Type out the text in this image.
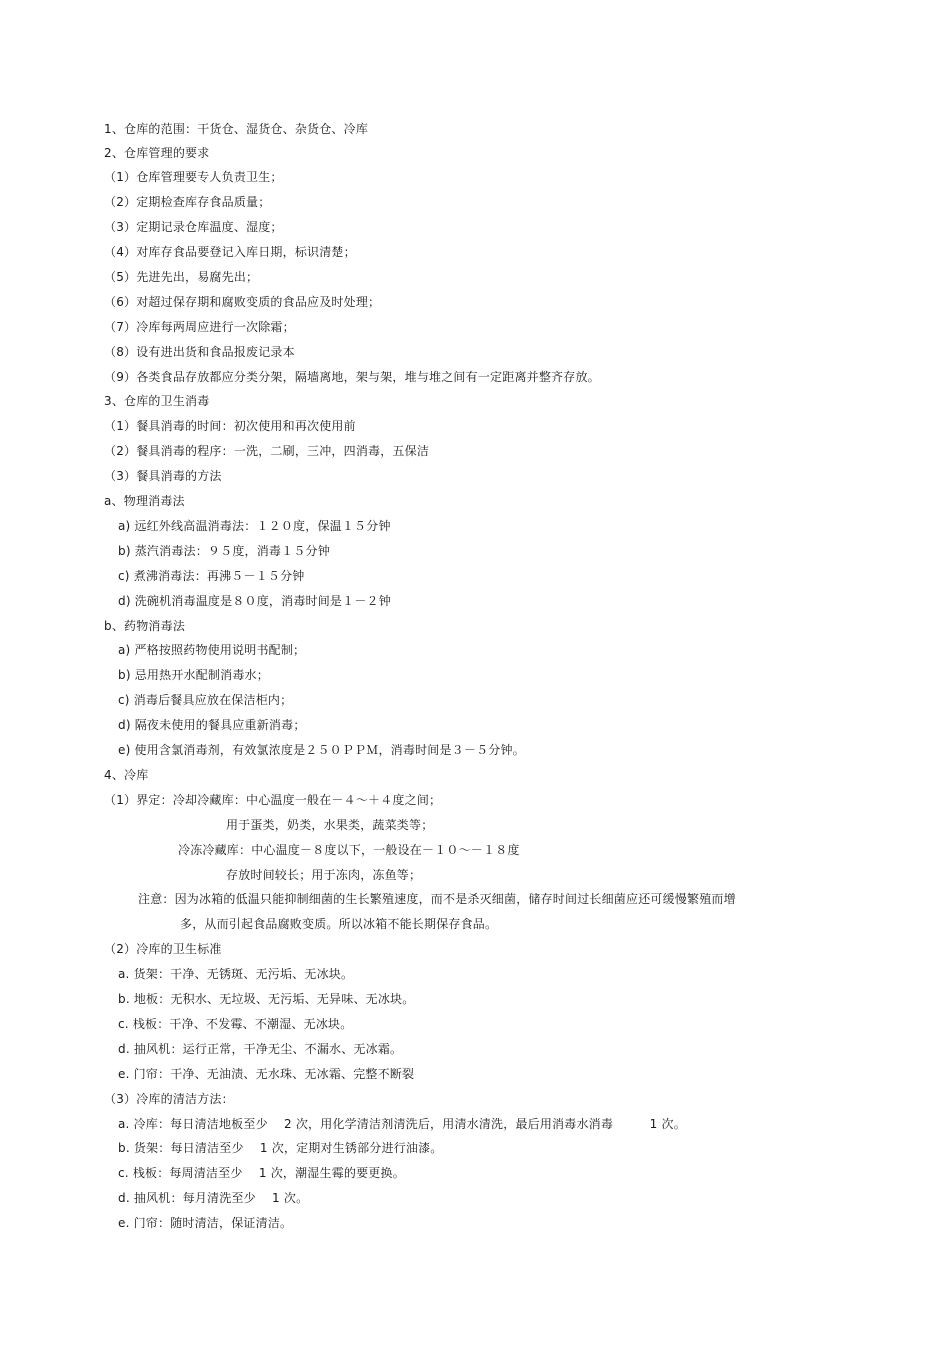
1、仓库的范围：干货仓、湿货仓、杂货仓、冷库
2、仓库管理的要求
（1）仓库管理要专人负责卫生；
（2）定期检查库存食品质量；
（3）定期记录仓库温度、湿度；
（4）对库存食品要登记入库日期，标识清楚；
（5）先进先出，易腐先出；
（6）对超过保存期和腐败变质的食品应及时处理；
（7）冷库每两周应进行一次除霜；
（8）设有进出货和食品报废记录本
（9）各类食品存放都应分类分架，隔墙离地，架与架，堆与堆之间有一定距离并整齐存放。
3、仓库的卫生消毒
（1）餐具消毒的时间：初次使用和再次使用前
（2）餐具消毒的程序：一洗，二刷，三冲，四消毒，五保洁
（3）餐具消毒的方法
a、物理消毒法
a) 远红外线高温消毒法：１２０度，保温１５分钟
b) 蒸汽消毒法：９５度，消毒１５分钟
c) 煮沸消毒法：再沸５－１５分钟
d) 洗碗机消毒温度是８０度，消毒时间是１－２钟
b、药物消毒法
a) 严格按照药物使用说明书配制；
b) 忌用热开水配制消毒水；
c) 消毒后餐具应放在保洁柜内；
d) 隔夜未使用的餐具应重新消毒；
e) 使用含氯消毒剂，有效氯浓度是２５０ＰＰＭ，消毒时间是３－５分钟。
4、冷库
（1）界定：冷却冷藏库：中心温度一般在－４～＋４度之间；
用于蛋类，奶类，水果类，蔬菜类等；
冷冻冷藏库：中心温度－８度以下，一般设在－１０～－１８度
存放时间较长；用于冻肉，冻鱼等；
注意：因为冰箱的低温只能抑制细菌的生长繁殖速度，而不是杀灭细菌，储存时间过长细菌应还可缓慢繁殖而增
多，从而引起食品腐败变质。所以冰箱不能长期保存食品。
（2）冷库的卫生标准
a. 货架：干净、无锈斑、无污垢、无冰块。
b. 地板：无积水、无垃圾、无污垢、无异味、无冰块。
c. 栈板：干净、不发霉、不潮湿、无冰块。
d. 抽风机：运行正常，干净无尘、不漏水、无冰霜。
e. 门帘：干净、无油渍、无水珠、无冰霜、完整不断裂
（3）冷库的清洁方法：
a. 冷库：每日清洁地板至少　 2 次，用化学清洁剂清洗后，用清水清洗，最后用消毒水消毒　　　1 次。
b. 货架：每日清洁至少　 1 次，定期对生锈部分进行油漆。
c. 栈板：每周清洁至少　 1 次，潮湿生霉的要更换。
d. 抽风机：每月清洗至少　 1 次。
e. 门帘：随时清洁，保证清洁。
